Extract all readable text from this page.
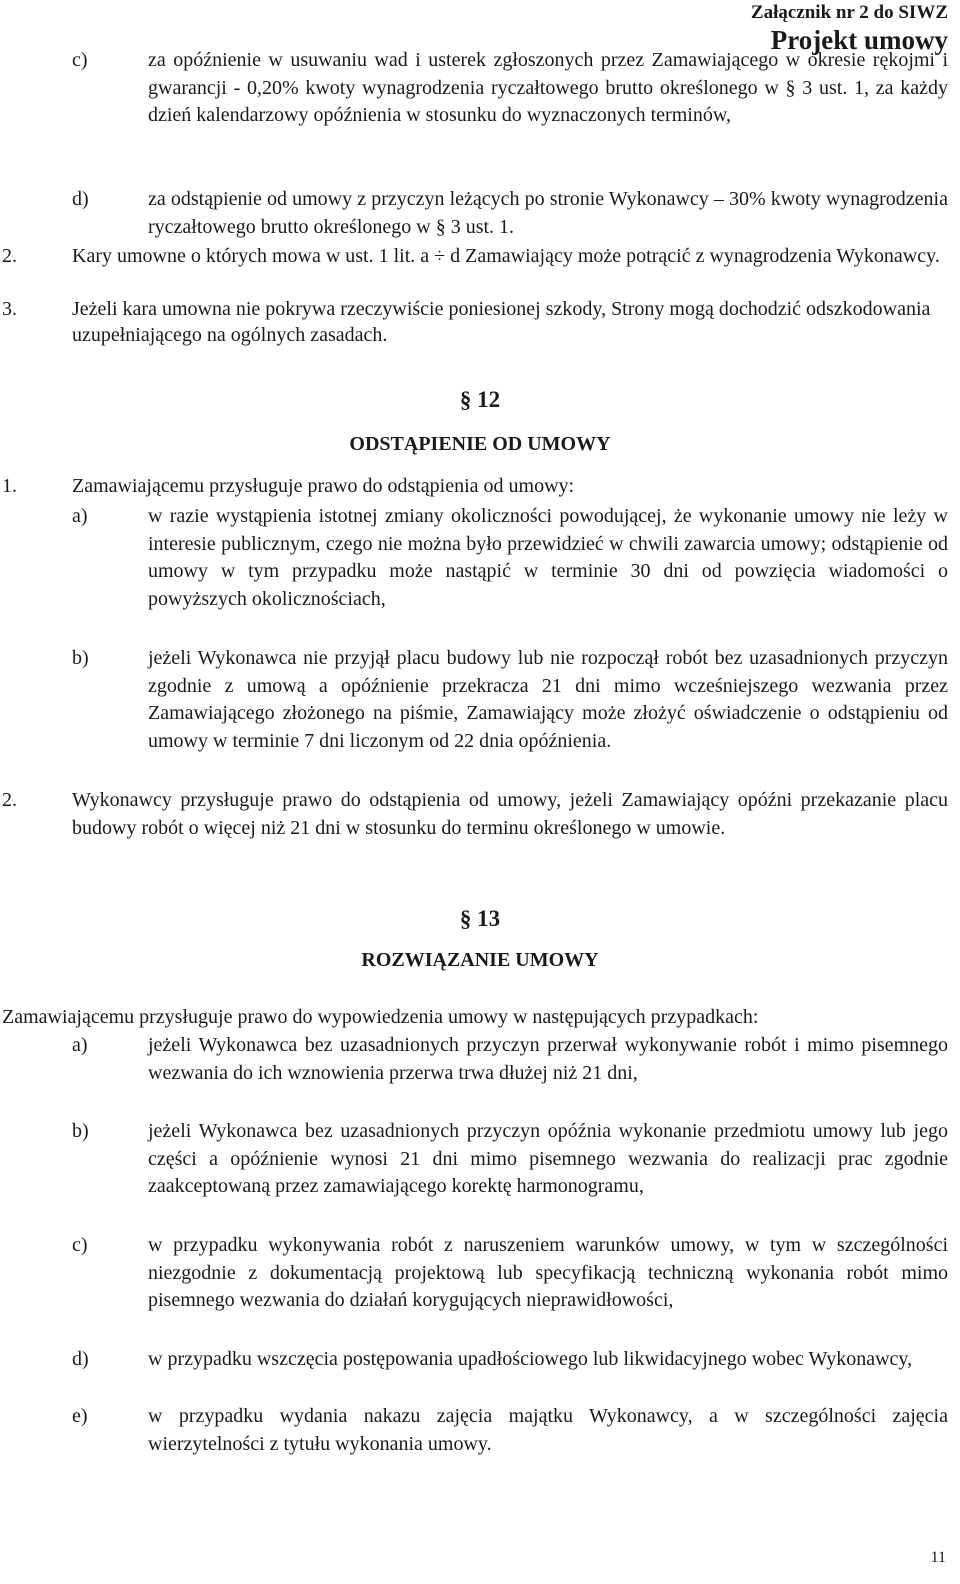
Załącznik nr 2 do SIWZ
Projekt umowy
c)	za opóźnienie w usuwaniu wad i usterek zgłoszonych przez Zamawiającego w okresie rękojmi i gwarancji - 0,20% kwoty wynagrodzenia ryczałtowego brutto określonego w § 3 ust. 1, za każdy dzień kalendarzowy opóźnienia w stosunku do wyznaczonych terminów,
d)	za odstąpienie od umowy z przyczyn leżących po stronie Wykonawcy – 30% kwoty wynagrodzenia ryczałtowego brutto określonego w § 3 ust. 1.
2.	Kary umowne o których mowa w ust. 1 lit. a ÷ d Zamawiający może potrącić z wynagrodzenia Wykonawcy.
3.	Jeżeli kara umowna nie pokrywa rzeczywiście poniesionej szkody, Strony mogą dochodzić odszkodowania uzupełniającego na ogólnych zasadach.
§ 12
ODSTĄPIENIE OD UMOWY
1.	Zamawiającemu przysługuje prawo do odstąpienia od umowy:
a)	w razie wystąpienia istotnej zmiany okoliczności powodującej, że wykonanie umowy nie leży w interesie publicznym, czego nie można było przewidzieć w chwili zawarcia umowy; odstąpienie od umowy w tym przypadku może nastąpić w terminie 30 dni od powzięcia wiadomości o powyższych okolicznościach,
b)	jeżeli Wykonawca nie przyjął placu budowy lub nie rozpoczął robót bez uzasadnionych przyczyn zgodnie z umową a opóźnienie przekracza 21 dni mimo wcześniejszego wezwania przez Zamawiającego złożonego na piśmie, Zamawiający może złożyć oświadczenie o odstąpieniu od umowy w terminie 7 dni liczonym od 22 dnia opóźnienia.
2.	Wykonawcy przysługuje prawo do odstąpienia od umowy, jeżeli Zamawiający opóźni przekazanie placu budowy robót o więcej niż 21 dni w stosunku do terminu określonego w umowie.
§ 13
ROZWIĄZANIE UMOWY
Zamawiającemu przysługuje prawo do wypowiedzenia umowy w następujących przypadkach:
a)	jeżeli Wykonawca bez uzasadnionych przyczyn przerwał wykonywanie robót i mimo pisemnego wezwania do ich wznowienia przerwa trwa dłużej niż 21 dni,
b)	jeżeli Wykonawca bez uzasadnionych przyczyn opóźnia wykonanie przedmiotu umowy lub jego części a opóźnienie wynosi 21 dni mimo pisemnego wezwania do realizacji prac zgodnie zaakceptowaną przez zamawiającego korektę harmonogramu,
c)	w przypadku wykonywania robót z naruszeniem warunków umowy, w tym w szczególności niezgodnie z dokumentacją projektową lub specyfikacją techniczną wykonania robót mimo pisemnego wezwania do działań korygujących nieprawidłowości,
d)	w przypadku wszczęcia postępowania upadłościowego lub likwidacyjnego wobec Wykonawcy,
e)	w przypadku wydania nakazu zajęcia majątku Wykonawcy, a w szczególności zajęcia wierzytelności z tytułu wykonania umowy.
11
